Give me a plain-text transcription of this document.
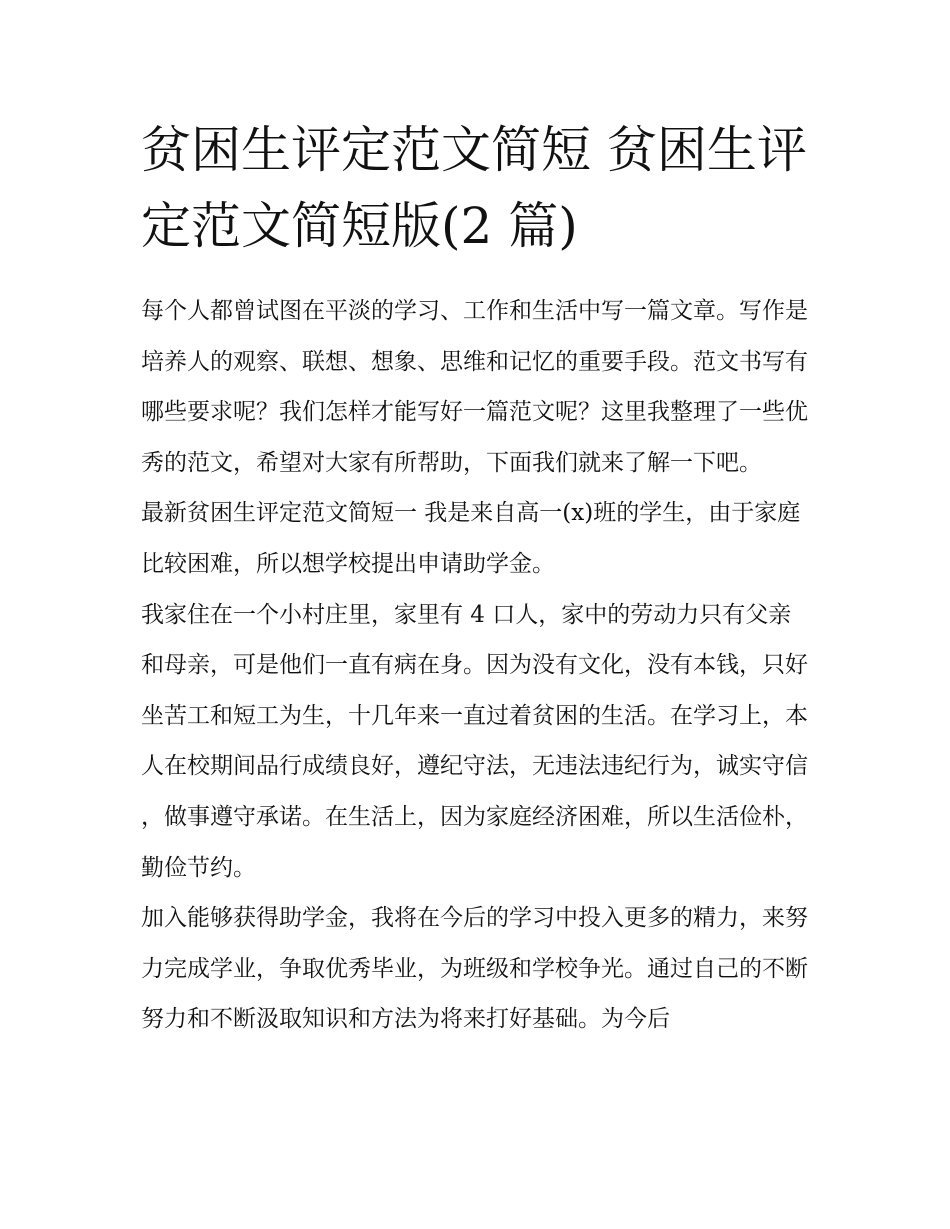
贫困生评定范文简短 贫困生评
定范文简短版(2 篇)

每个人都曾试图在平淡的学习、工作和生活中写一篇文章。写作是培养人的观察、联想、想象、思维和记忆的重要手段。范文书写有哪些要求呢？我们怎样才能写好一篇范文呢？这里我整理了一些优秀的范文，希望对大家有所帮助，下面我们就来了解一下吧。

最新贫困生评定范文简短一 我是来自高一(x)班的学生，由于家庭比较困难，所以想学校提出申请助学金。

我家住在一个小村庄里，家里有 4 口人，家中的劳动力只有父亲和母亲，可是他们一直有病在身。因为没有文化，没有本钱，只好坐苦工和短工为生，十几年来一直过着贫困的生活。在学习上，本人在校期间品行成绩良好，遵纪守法，无违法违纪行为，诚实守信，做事遵守承诺。在生活上，因为家庭经济困难，所以生活俭朴，勤俭节约。

加入能够获得助学金，我将在今后的学习中投入更多的精力，来努力完成学业，争取优秀毕业，为班级和学校争光。通过自己的不断努力和不断汲取知识和方法为将来打好基础。为今后
